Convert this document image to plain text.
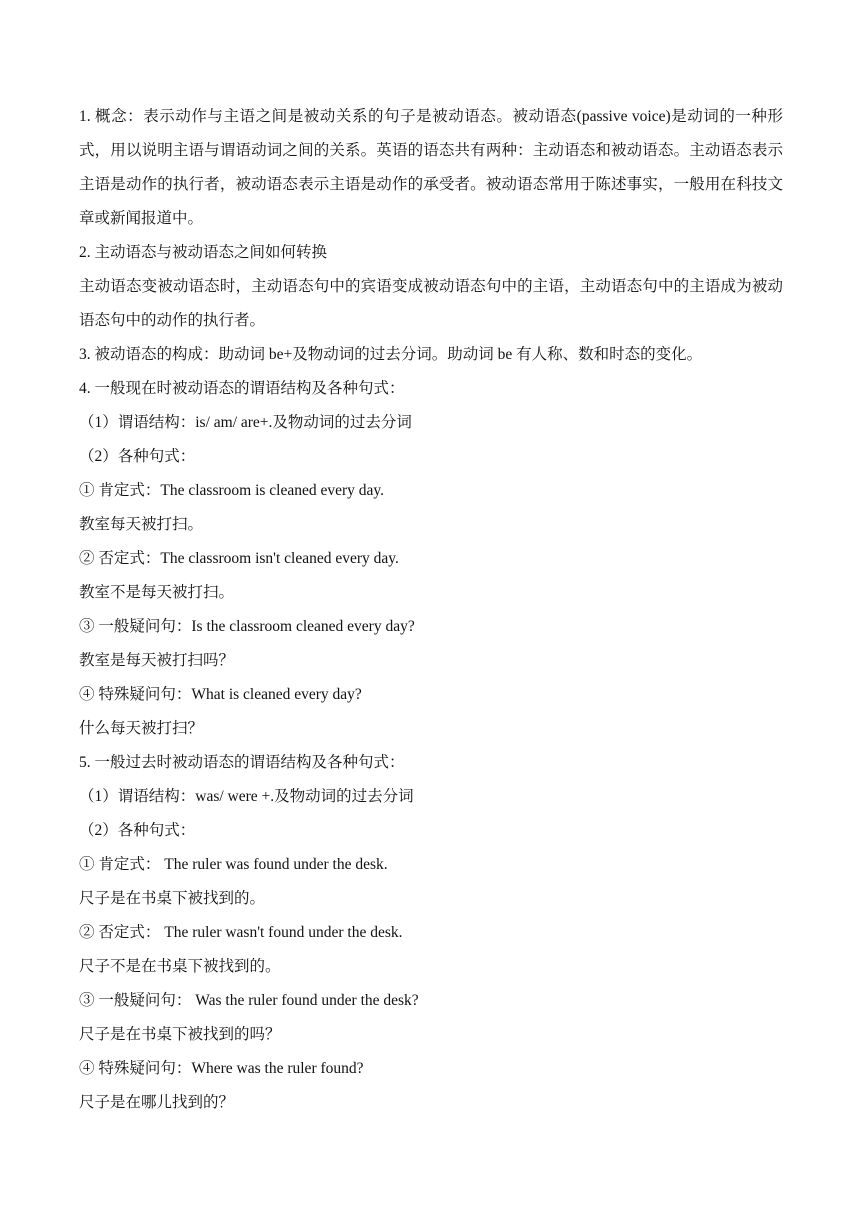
1. 概念：表示动作与主语之间是被动关系的句子是被动语态。被动语态(passive voice)是动词的一种形式，用以说明主语与谓语动词之间的关系。英语的语态共有两种：主动语态和被动语态。主动语态表示主语是动作的执行者，被动语态表示主语是动作的承受者。被动语态常用于陈述事实，一般用在科技文章或新闻报道中。

2. 主动语态与被动语态之间如何转换

主动语态变被动语态时，主动语态句中的宾语变成被动语态句中的主语，主动语态句中的主语成为被动语态句中的动作的执行者。

3. 被动语态的构成：助动词 be+及物动词的过去分词。助动词 be 有人称、数和时态的变化。

4. 一般现在时被动语态的谓语结构及各种句式：

（1）谓语结构：is/ am/ are+.及物动词的过去分词

（2）各种句式：

① 肯定式：The classroom is cleaned every day.

教室每天被打扫。

② 否定式：The classroom isn't cleaned every day.

教室不是每天被打扫。

③ 一般疑问句：Is the classroom cleaned every day?

教室是每天被打扫吗？

④ 特殊疑问句：What is cleaned every day?

什么每天被打扫？

5. 一般过去时被动语态的谓语结构及各种句式：

（1）谓语结构：was/ were +.及物动词的过去分词

（2）各种句式：

① 肯定式： The ruler was found under the desk.

尺子是在书桌下被找到的。

② 否定式： The ruler wasn't found under the desk.

尺子不是在书桌下被找到的。

③ 一般疑问句： Was the ruler found under the desk?

尺子是在书桌下被找到的吗？

④ 特殊疑问句：Where was the ruler found?

尺子是在哪儿找到的？
